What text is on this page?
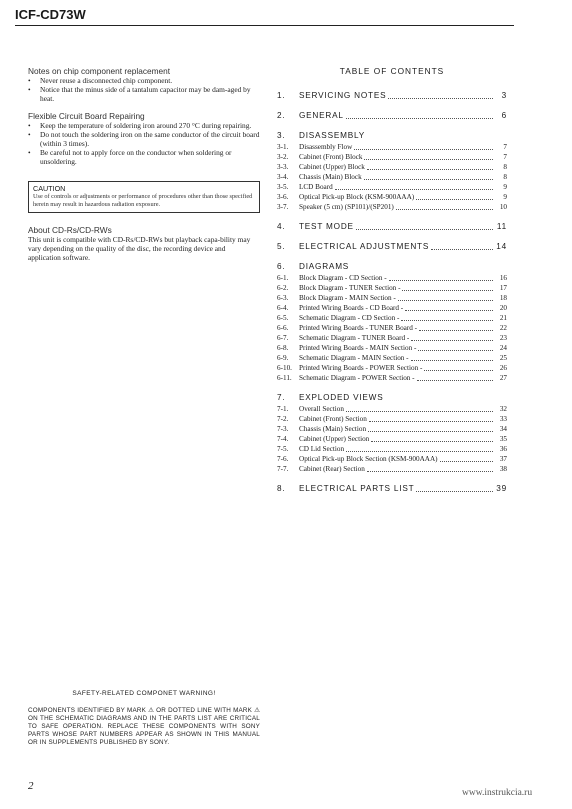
ICF-CD73W
Notes on chip component replacement
• Never reuse a disconnected chip component.
• Notice that the minus side of a tantalum capacitor may be dam-aged by heat.
Flexible Circuit Board Repairing
• Keep the temperature of soldering iron around 270 °C during repairing.
• Do not touch the soldering iron on the same conductor of the circuit board (within 3 times).
• Be careful not to apply force on the conductor when soldering or unsoldering.
CAUTION
Use of controls or adjustments or performance of procedures other than those specified herein may result in hazardous radiation exposure.
About CD-Rs/CD-RWs

This unit is compatible with CD-Rs/CD-RWs but playback capa-bility may vary depending on the quality of the disc, the recording device and application software.

TABLE OF CONTENTS
1.	SERVICING NOTES	3
2.	GENERAL	6
3.	DISASSEMBLY
3-1.	Disassembly Flow	7
3-2.	Cabinet (Front) Block	7
3-3.	Cabinet (Upper) Block	8
3-4.	Chassis (Main) Block	8
3-5.	LCD Board	9
3-6.	Optical Pick-up Block (KSM-900AAA)	9
3-7.	Speaker (5 cm) (SP101)/(SP201)	10
4.	TEST MODE	11
5.	ELECTRICAL ADJUSTMENTS	14
6.	DIAGRAMS
6-1.	Block Diagram - CD Section -	16
6-2.	Block Diagram - TUNER Section -	17
6-3.	Block Diagram - MAIN Section -	18
6-4.	Printed Wiring Boards - CD Board -	20
6-5.	Schematic Diagram - CD Section -	21
6-6.	Printed Wiring Boards - TUNER Board -	22
6-7.	Schematic Diagram - TUNER Board -	23
6-8.	Printed Wiring Boards - MAIN Section -	24
6-9.	Schematic Diagram - MAIN Section -	25
6-10. Printed Wiring Boards - POWER Section -	26
6-11.	Schematic Diagram - POWER Section -	27
7.	EXPLODED VIEWS
7-1.	Overall Section	32
7-2.	Cabinet (Front) Section	33
7-3.	Chassis (Main) Section	34
7-4.	Cabinet (Upper) Section	35
7-5.	CD Lid Section	36
7-6.	Optical Pick-up Block Section (KSM-900AAA)	37
7-7.	Cabinet (Rear) Section	38
8.	ELECTRICAL PARTS LIST	39
SAFETY-RELATED COMPONET WARNING!
COMPONENTS IDENTIFIED BY MARK ⚠ OR DOTTED LINE WITH MARK ⚠ ON THE SCHEMATIC DIAGRAMS AND IN THE PARTS LIST ARE CRITICAL TO SAFE OPERATION. REPLACE THESE COMPONENTS WITH SONY PARTS WHOSE PART NUMBERS APPEAR AS SHOWN IN THIS MANUAL OR IN SUPPLEMENTS PUBLISHED BY SONY.
2
www.instrukcia.ru
